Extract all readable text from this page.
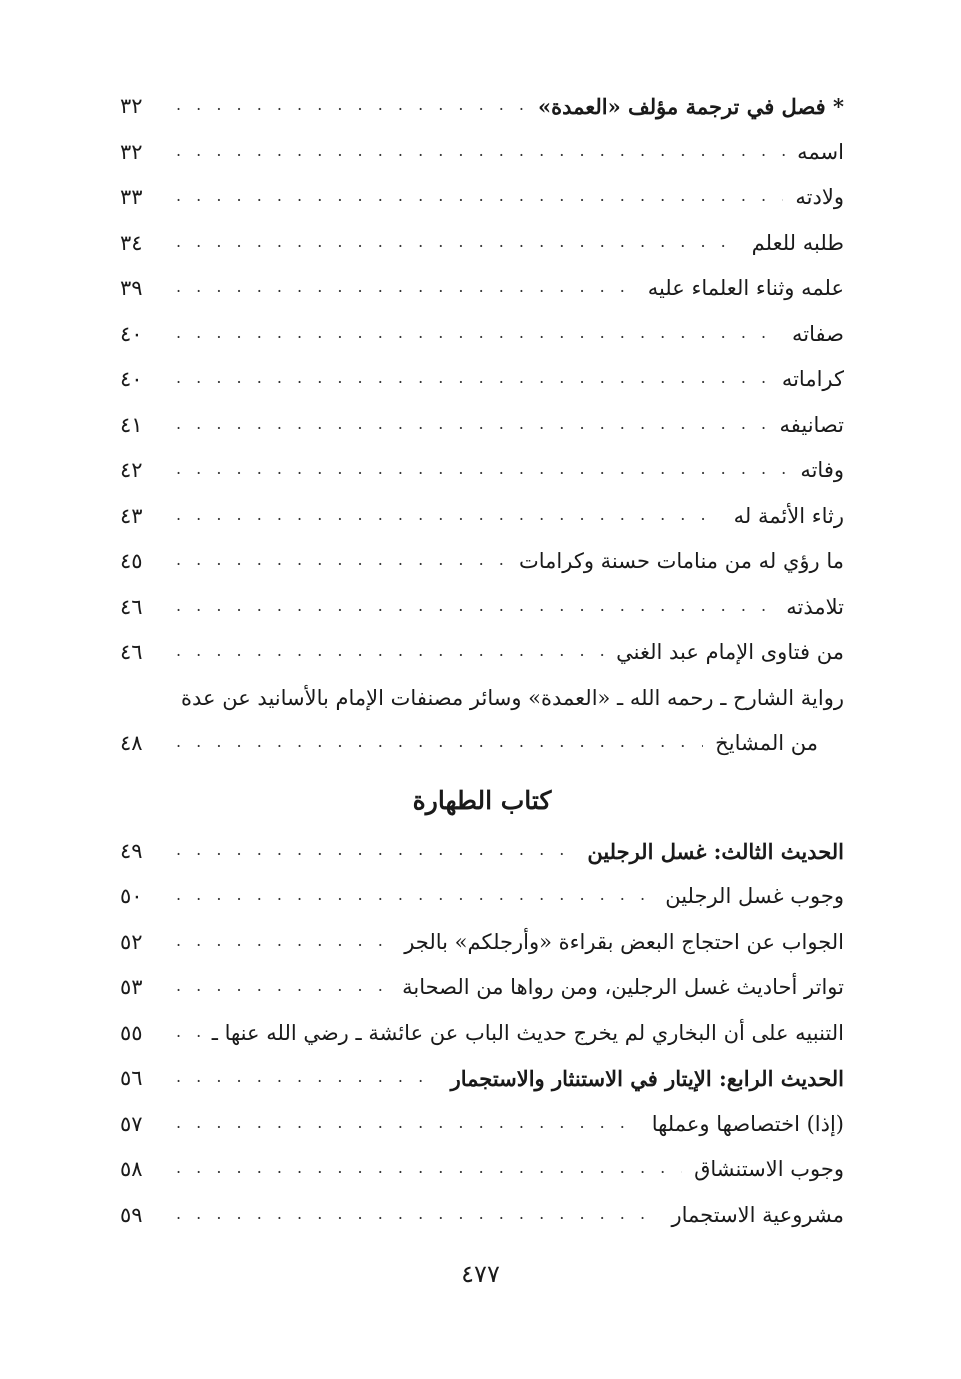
* فصل في ترجمة مؤلف «العمدة»
. . .
٣٢
اسمه
. . .
٣٢
ولادته
. . .
٣٣
طلبه للعلم
. . .
٣٤
علمه وثناء العلماء عليه
. . .
٣٩
صفاته
. . .
٤٠
كراماته
. . .
٤٠
تصانيفه
. . .
٤١
وفاته
. . .
٤٢
رثاء الأئمة له
. . .
٤٣
ما رؤي له من منامات حسنة وكرامات
. . .
٤٥
تلامذته
. . .
٤٦
من فتاوى الإمام عبد الغني
. . .
٤٦
رواية الشارح ـ رحمه الله ـ «العمدة» وسائر مصنفات الإمام بالأسانيد عن عدة
من المشايخ
. . .
٤٨
كتاب الطهارة
الحديث الثالث: غسل الرجلين
. . .
٤٩
وجوب غسل الرجلين
. . .
٥٠
الجواب عن احتجاج البعض بقراءة «وأرجلكم» بالجر
. . .
٥٢
تواتر أحاديث غسل الرجلين، ومن رواها من الصحابة
. . .
٥٣
التنبيه على أن البخاري لم يخرج حديث الباب عن عائشة ـ رضي الله عنها ـ
. . .
٥٥
الحديث الرابع: الإيتار في الاستنثار والاستجمار
. . .
٥٦
(إذا) اختصاصها وعملها
. . .
٥٧
وجوب الاستنشاق
. . .
٥٨
مشروعية الاستجمار
. . .
٥٩
٤٧٧
